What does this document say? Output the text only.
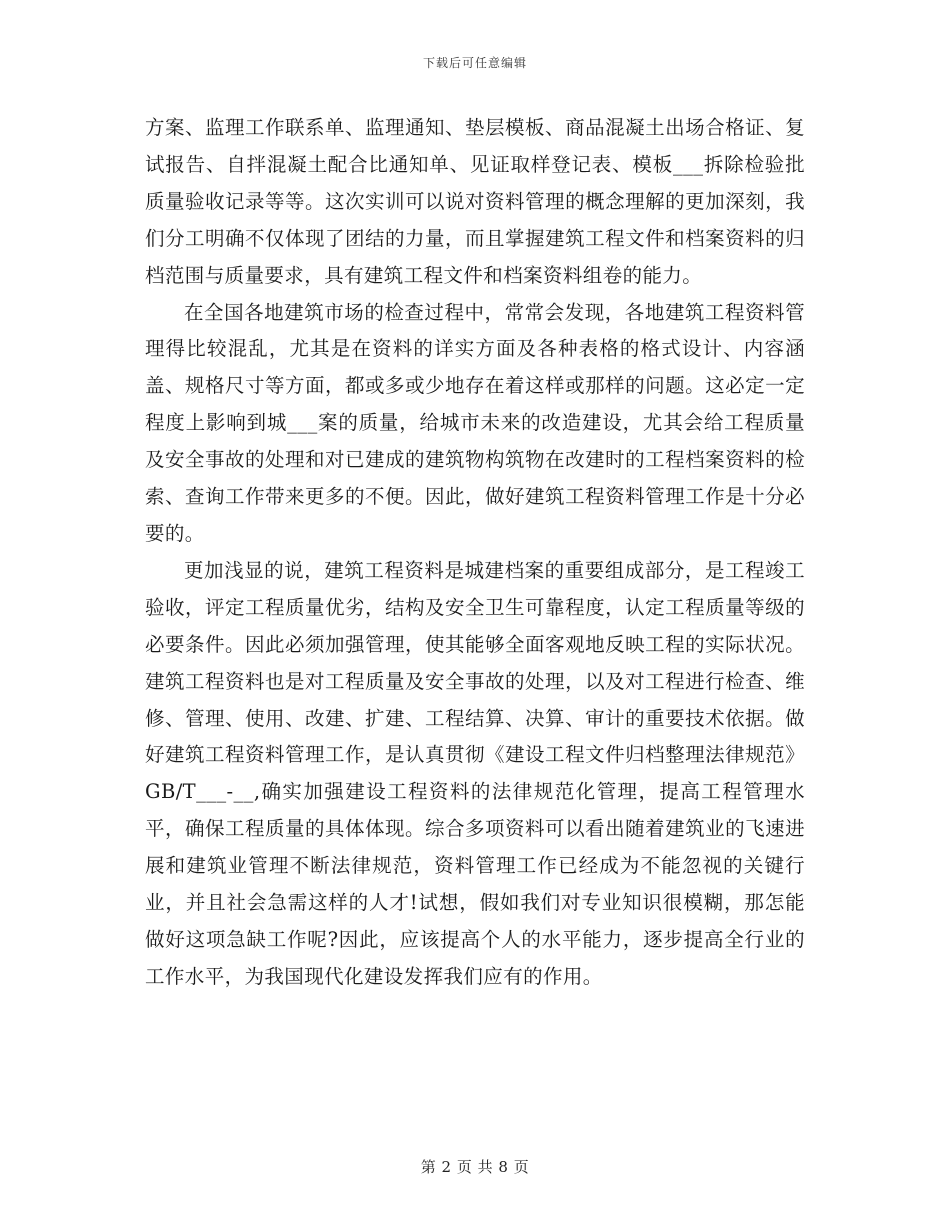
下载后可任意编辑

方案、监理工作联系单、监理通知、垫层模板、商品混凝土出场合格证、复试报告、自拌混凝土配合比通知单、见证取样登记表、模板___拆除检验批质量验收记录等等。这次实训可以说对资料管理的概念理解的更加深刻，我们分工明确不仅体现了团结的力量，而且掌握建筑工程文件和档案资料的归档范围与质量要求，具有建筑工程文件和档案资料组卷的能力。

在全国各地建筑市场的检查过程中，常常会发现，各地建筑工程资料管理得比较混乱，尤其是在资料的详实方面及各种表格的格式设计、内容涵盖、规格尺寸等方面，都或多或少地存在着这样或那样的问题。这必定一定程度上影响到城___案的质量，给城市未来的改造建设，尤其会给工程质量及安全事故的处理和对已建成的建筑物构筑物在改建时的工程档案资料的检索、查询工作带来更多的不便。因此，做好建筑工程资料管理工作是十分必要的。

更加浅显的说，建筑工程资料是城建档案的重要组成部分，是工程竣工验收，评定工程质量优劣，结构及安全卫生可靠程度，认定工程质量等级的必要条件。因此必须加强管理，使其能够全面客观地反映工程的实际状况。建筑工程资料也是对工程质量及安全事故的处理，以及对工程进行检查、维修、管理、使用、改建、扩建、工程结算、决算、审计的重要技术依据。做好建筑工程资料管理工作，是认真贯彻《建设工程文件归档整理法律规范》GB/T___-__,确实加强建设工程资料的法律规范化管理，提高工程管理水平，确保工程质量的具体体现。综合多项资料可以看出随着建筑业的飞速进展和建筑业管理不断法律规范，资料管理工作已经成为不能忽视的关键行业，并且社会急需这样的人才!试想，假如我们对专业知识很模糊，那怎能做好这项急缺工作呢?因此，应该提高个人的水平能力，逐步提高全行业的工作水平，为我国现代化建设发挥我们应有的作用。

第 2 页 共 8 页
